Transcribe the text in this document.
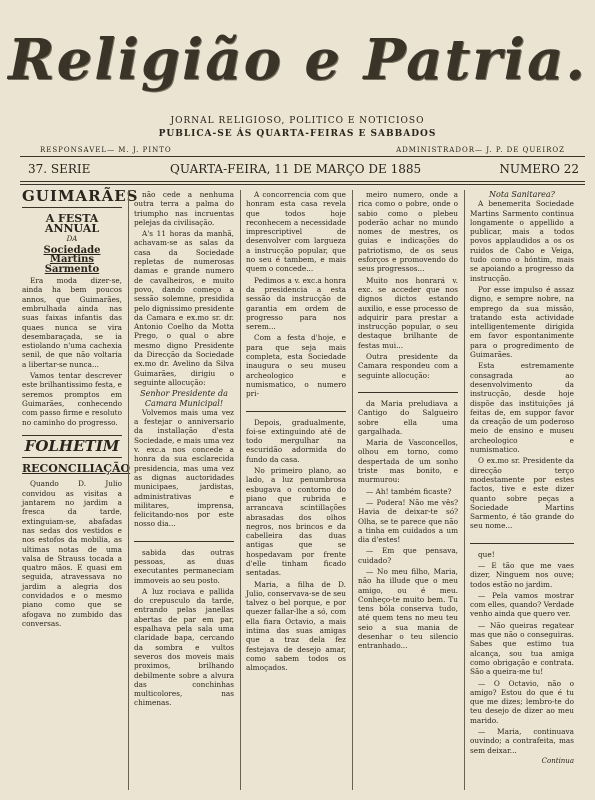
Religião e Patria.
JORNAL RELIGIOSO, POLITICO E NOTICIOSO
PUBLICA-SE ÁS QUARTA-FEIRAS E SABBADOS
RESPONSAVEL— M. J. PINTO	ADMINISTRADOR— J. P. DE QUEIROZ
37. SERIE	QUARTA-FEIRA, 11 DE MARÇO DE 1885	NUMERO 22
GUIMARÃES
A FESTA ANNUAL
DA
Sociedade Martins Sarmento

Era moda dizer-se, ainda ha bem poucos annos, que Guimarães, embrulhada ainda nas suas faixas infantis das quaes nunca se vira desembaraçada, se ia estiolando n'uma cachexia senil, de que não voltaria a libertar-se nunca...

Vamos tentar descrever este brilhantissimo festa, e seremos promptos em Guimarães, conhecendo com passo firme e resoluto no caminho do progresso.

FOLHETIM
RECONCILIAÇÃO

Quando D. Julio convidou as visitas a jantarem no jardim a fresca da tarde, extinguiam-se, abafadas nas sedas dos vestidos e nos estofos da mobilia, as ultimas notas de uma valsa de Strauss tocada a quatro mãos. E quasi em seguida, atravessava no jardim a alegria dos convidados e o mesmo piano como que se afogava no zumbido das conversas.

não cede a nenhuma outra terra a palma do triumpho nas incruentas pelejas da civilisação.

A's 11 horas da manhã, achavam-se as salas da casa da Sociedade repletas de numerosas damas e grande numero de cavalheiros, e muito povo, dando começo a sessão solemne, presidida pelo dignissimo presidente da Camara e ex.mo sr. dr. Antonio Coelho da Motta Prego, o qual o abre mesmo digno Presidente da Direcção da Sociedade ex.mo dr. Avelino da Silva Guimarães, dirigiu o seguinte allocução:

Senhor Presidente da Camara Municipal!

Volvemos mais uma vez a festejar o anniversario da installação d'esta Sociedade, e mais uma vez v. exc.a nos concede a honra da sua esclarecida presidencia, mas uma vez as dignas auctoridades municipaes, jardistas, administrativas e militares, imprensa, felicitando-nos por este nosso dia...

sabida das outras pessoas, as duas executantes permaneciam immoveis ao seu posto.

A luz rociava e pallida do crepusculo da tarde, entrando pelas janellas abertas de par em par, espalhava pela sala uma claridade bapa, cercando da sombra e vultos severos dos moveis mais proximos, brilhando debilmente sobre a alvura das conchinhas multicolores, nas chimenas.

A concorrencia com que honram esta casa revela que todos hoje reconhecem a necessidade imprescriptivel de desenvolver com largueza a instrucção popular, que no seu é tambem, e mais quem o concede...

Pedimos a v. exc.a honra da presidencia a esta sessão da instrucção de garantia em ordem de progresso para nos serem...

Com a festa d'hoje, e para que seja mais completa, esta Sociedade inaugura o seu museu archeologico e numismatico, o numero pri-

Depois, gradualmente, foi-se extinguindo até de todo mergulhar na escuridão adormida do fundo da casa.

No primeiro plano, ao lado, a luz penumbrosa esbugava o contorno do piano que rubrida e arrancava scintillações abrasadas dos olhos negros, nos brincos e da cabelleira das duas antigas que se hospedavam por frente d'elle tinham ficado sentadas.

Maria, a filha de D. Julio, conservava-se de seu talvez o bel porque, e por quezer fallar-lhe a só, com ella fiara Octavio, a mais intima das suas amigas que a traz dela fez festejava de desejo amar, como sabem todos os almoçados.

meiro numero, onde a rica como o pobre, onde o sabio como o plebeu poderão achar no mundo nomes de mestres, os guias e indicações do patriotismo, de os seus esforços e promovendo do seus progressos...

Muito nos honrará v. exc. se acceder que nos dignos dictos estando auxilio, e esse processo de adquirir para prestar a instrucção popular, o seu destaque brilhante de festas mui...

Outra presidente da Camara respondeu com a seguinte allocução:

da Maria preludiava a Cantigo do Salgueiro sobre ella uma gargalhada.

Maria de Vasconcellos, olhou em torno, como despertada de um sonho triste mas bonito, e murmurou:

— Ah! também ficaste?

— Podera! Não me vês? Havia de deixar-te só? Olha, se te parece que não a tinha em cuidados a um dia d'estes!

— Em que pensava, cuidado?

— No meu filho, Maria, não ha illude que o meu amigo, ou é meu. Conheço-te muito bem. Tu tens bóla conserva tudo, até quem tens no meu teu seio a sua mania de desenhar o teu silencio entranhado...

Nota Sanitarea?

A benemerita Sociedade Martins Sarmento continua longamente o appellido a publicar, mais a todos povos applaudidos a os os ruidos de Cabo e Veiga, tudo como o hóntim, mais se apoiando a progresso da instrucção.

Por esse impulso é assaz digno, e sempre nobre, na emprego da sua missão, tratando esta actividade intelligentemente dirigida em favor espontanimente para o progredimento de Guimarães.

Esta estremamente consagrada ao desenvolvimento da instrucção, desde hoje dispõe das instituições já feitas de, em suppor favor da creação de um poderoso meio de ensino e museu archeologico e numismatico.

O ex.mo sr. Presidente da direcção terço modestamente por estes factos, tive e este dizer quanto sobre peças a Sociedade Martins Sarmento, é tão grande do seu nome...

que!

— E tão que me vaes dizer, Ninguem nos ouve; todos estão no jardim.

— Pela vamos mostrar com elles, quando? Verdade venho ainda que quero ver.

— Não queiras regatear mas que não o conseguiras. Sabes que estimo tua alcança, sou tua amiga como obrigação e contrata. São a queira-me tu!

— O Octavio, não o amigo? Estou do que é tu que me dizes; lembro-te do teu desejo de dizer ao meu marido.

— Maria, continuava ouvindo; a contrafeita, mas sem deixar...

Continua
